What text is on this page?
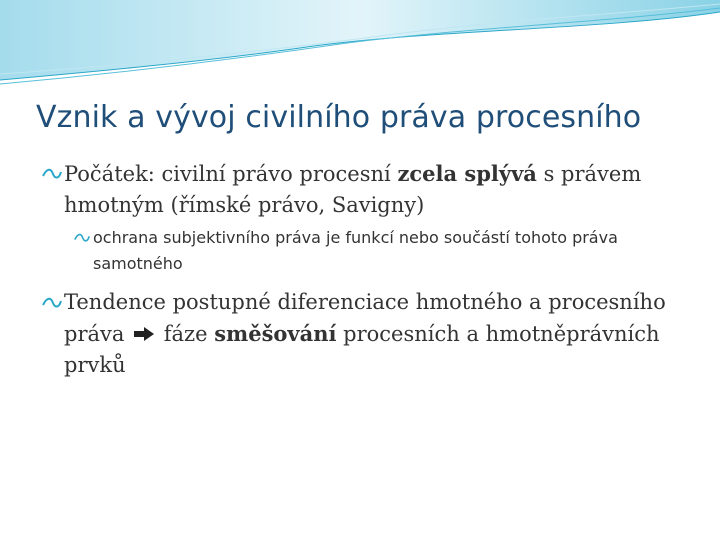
Vznik a vývoj civilního práva procesního
Počátek: civilní právo procesní zcela splývá s právem hmotným (římské právo, Savigny)
ochrana subjektivního práva je funkcí nebo součástí tohoto práva samotného
Tendence postupné diferenciace hmotného a procesního práva  fáze směšování procesních a hmotněprávních prvků
